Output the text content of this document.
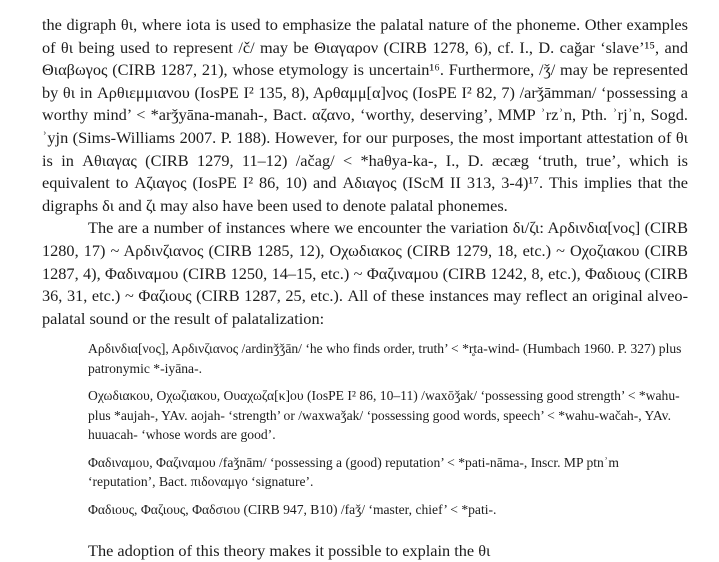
the digraph θι, where iota is used to emphasize the palatal nature of the phoneme. Other examples of θι being used to represent /č/ may be Θιαγαρον (CIRB 1278, 6), cf. I., D. cağar ‘slave’¹⁵, and Θιαβωγος (CIRB 1287, 21), whose etymology is uncertain¹⁶. Furthermore, /ǯ/ may be represented by θι in Αρθιεμμιανου (IosPE I² 135, 8), Αρθαμμ[α]νος (IosPE I² 82, 7) /arǯāmman/ ‘possessing a worthy mind’ < *arǯyāna-manah-, Bact. αζανο, ‘worthy, deserving’, MMP ʾrzʾn, Pth. ʾrjʾn, Sogd. ʾyjn (Sims-Williams 2007. P. 188). However, for our purposes, the most important attestation of θι is in Αθιαγας (CIRB 1279, 11–12) /ačag/ < *haθya-ka-, I., D. æcæg ‘truth, true’, which is equivalent to Αζιαγος (IosPE I² 86, 10) and Αδιαγος (IScM II 313, 3-4)¹⁷. This implies that the digraphs δι and ζι may also have been used to denote palatal phonemes.

The are a number of instances where we encounter the variation δι/ζι: Αρδινδια[νος] (CIRB 1280, 17) ~ Αρδινζιανος (CIRB 1285, 12), Οχωδιακος (CIRB 1279, 18, etc.) ~ Οχοζιακου (CIRB 1287, 4), Φαδιναμου (CIRB 1250, 14–15, etc.) ~ Φαζιναμου (CIRB 1242, 8, etc.), Φαδιους (CIRB 36, 31, etc.) ~ Φαζιους (CIRB 1287, 25, etc.). All of these instances may reflect an original alveo-palatal sound or the result of palatalization:

Αρδινδια[νος], Αρδινζιανος /ardinǯǯān/ ‘he who finds order, truth’ < *r̥ta-wind- (Humbach 1960. P. 327) plus patronymic *-iyāna-.

Οχωδιακου, Οχωζιακου, Ουαχωζα[κ]ου (IosPE I² 86, 10–11) /waxōǯak/ ‘possessing good strength’ < *wahu- plus *aujah-, YAv. aojah- ‘strength’ or /waxwaǯak/ ‘possessing good words, speech’ < *wahu-wačah-, YAv. huuacah- ‘whose words are good’.

Φαδιναμου, Φαζιναμου /faǯnām/ ‘possessing a (good) reputation’ < *pati-nāma-, Inscr. MP ptnʾm ‘reputation’, Bact. πιδοναμγο ‘signature’.

Φαδιους, Φαζιους, Φαδσιου (CIRB 947, B10) /faǯ/ ‘master, chief’ < *pati-.

The adoption of this theory makes it possible to explain the θι
